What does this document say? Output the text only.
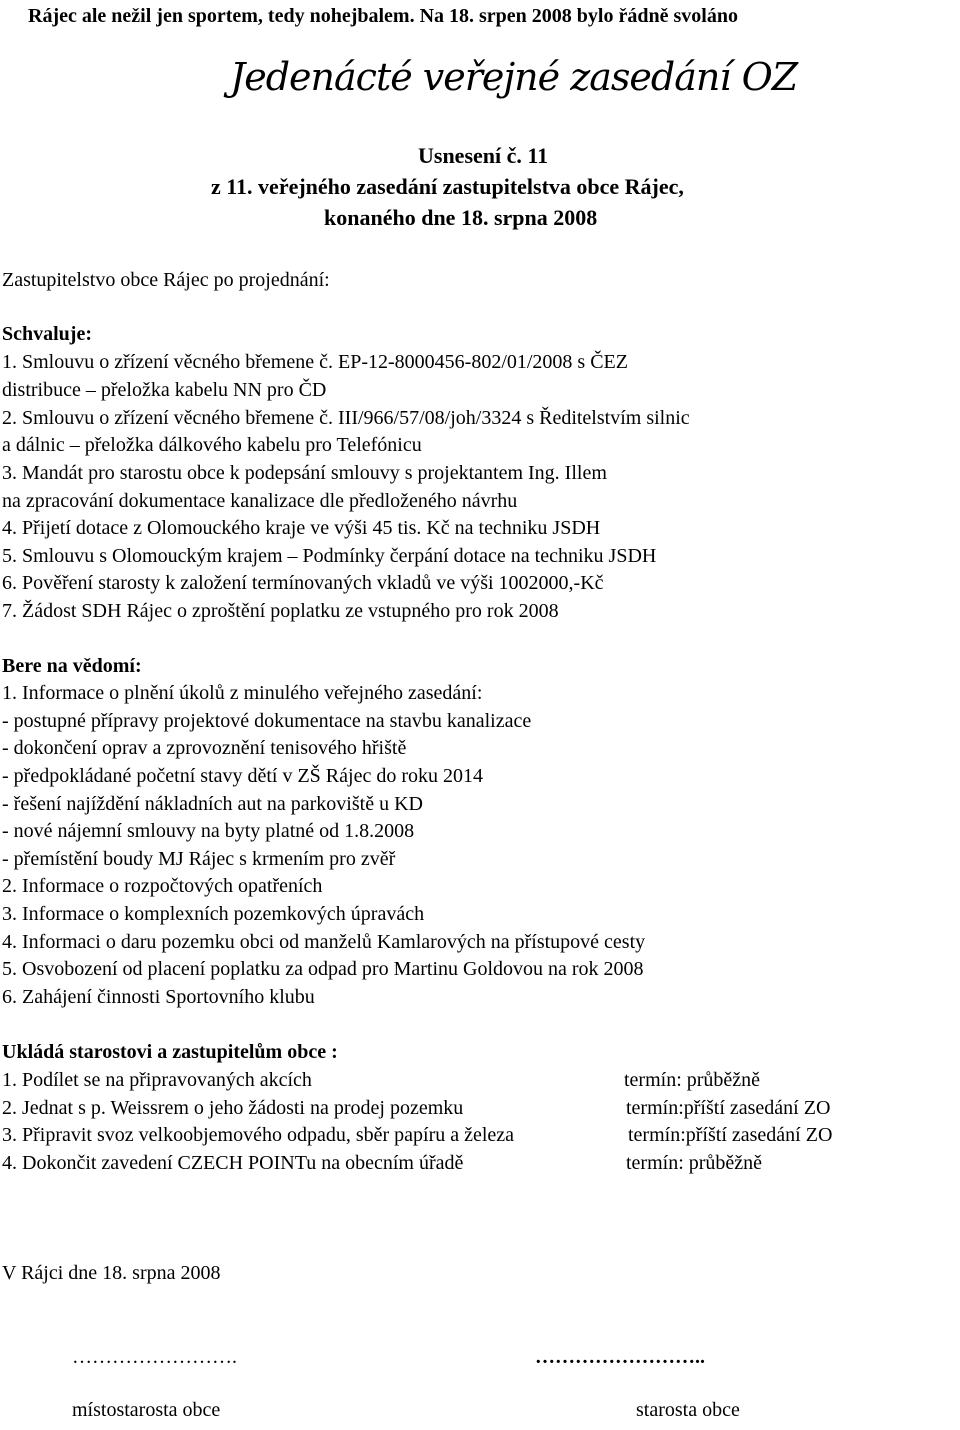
Rájec ale nežil jen sportem, tedy nohejbalem. Na 18. srpen 2008 bylo řádně svoláno
Jedenácté veřejné zasedání OZ
Usnesení č. 11
z 11. veřejného zasedání zastupitelstva obce Rájec,
konaného dne 18. srpna 2008
Zastupitelstvo obce Rájec po projednání:
Schvaluje:
1. Smlouvu o zřízení věcného břemene č. EP-12-8000456-802/01/2008 s ČEZ
distribuce – přeložka kabelu NN pro ČD
2. Smlouvu o zřízení věcného břemene č. III/966/57/08/joh/3324 s Ředitelstvím silnic
a dálnic – přeložka dálkového kabelu pro Telefónicu
3. Mandát pro starostu obce k podepsání smlouvy s projektantem Ing. Illem
na zpracování dokumentace kanalizace dle předloženého návrhu
4. Přijetí dotace z Olomouckého kraje ve výši 45 tis. Kč na techniku JSDH
5. Smlouvu s Olomouckým krajem – Podmínky čerpání dotace na techniku JSDH
6. Pověření starosty k založení termínovaných vkladů ve výši 1002000,-Kč
7. Žádost SDH Rájec o zproštění poplatku ze vstupného pro rok 2008
Bere na vědomí:
1. Informace o plnění úkolů z minulého veřejného zasedání:
- postupné přípravy projektové dokumentace na stavbu kanalizace
- dokončení oprav a zprovoznění tenisového hřiště
- předpokládané početní stavy dětí v ZŠ Rájec do roku 2014
- řešení najíždění nákladních aut na parkoviště u KD
- nové nájemní smlouvy na byty platné od 1.8.2008
- přemístění boudy MJ Rájec s krmením pro zvěř
2. Informace o rozpočtových opatřeních
3. Informace o komplexních pozemkových úpravách
4. Informaci o daru pozemku obci od manželů Kamlarových na přístupové cesty
5. Osvobození od placení poplatku za odpad pro Martinu Goldovou na rok 2008
6. Zahájení činnosti Sportovního klubu
Ukládá starostovi a zastupitelům obce :
1. Podílet se na připravovaných akcích	termín: průběžně
2. Jednat s p. Weissrem o jeho žádosti na prodej pozemku	termín:příští zasedání ZO
3. Připravit svoz velkoobjemového odpadu, sběr papíru a železa	termín:příští zasedání ZO
4. Dokončit zavedení CZECH POINTu na obecním úřadě	termín: průběžně
V Rájci dne 18. srpna 2008
…………………….	……………………..
místostarosta obce	starosta obce
